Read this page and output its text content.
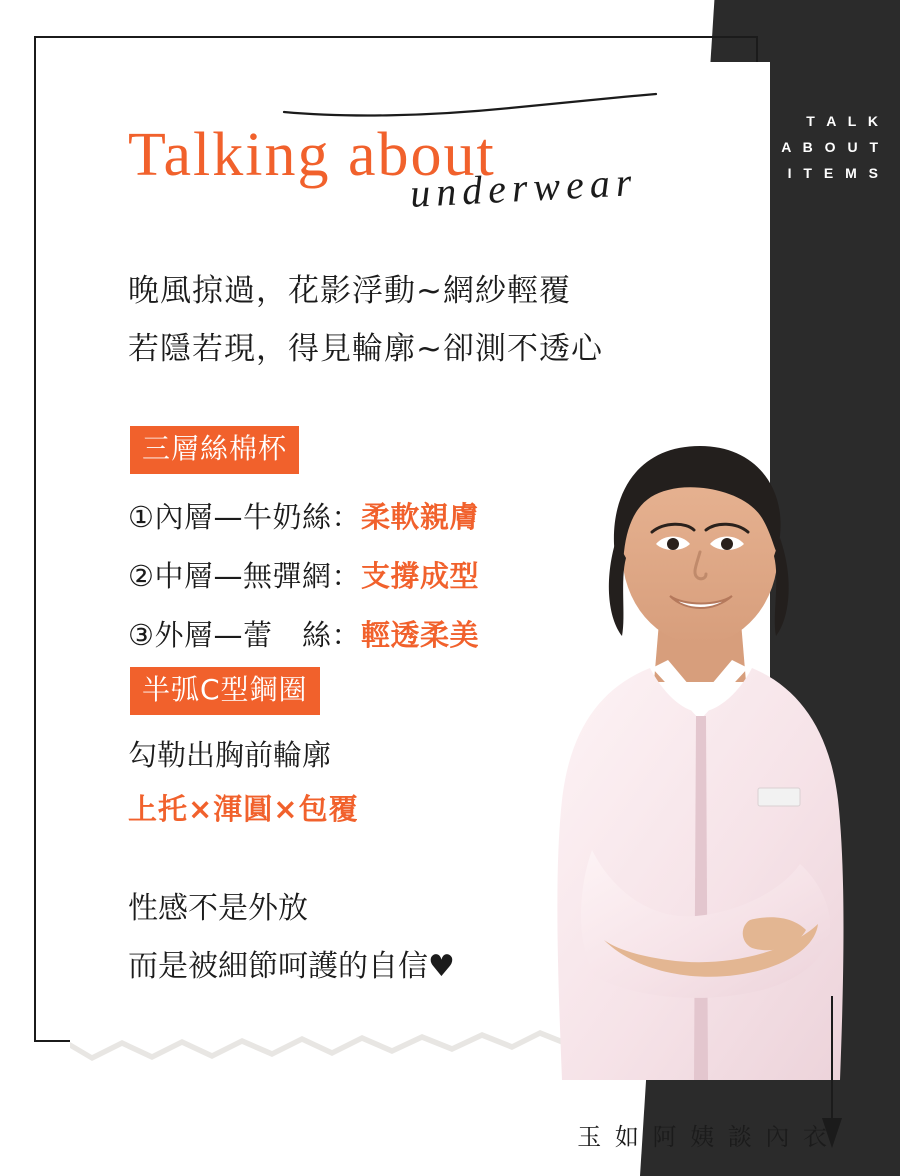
T A L K
A B O U T
I T E M S
Talking about
underwear
晚風掠過，花影浮動~網紗輕覆
若隱若現，得見輪廓~卻測不透心
三層絲棉杯
①內層—牛奶絲：柔軟親膚
②中層—無彈網：支撐成型
③外層—蕾　絲：輕透柔美
半弧C型鋼圈
勾勒出胸前輪廓
上托×渾圓×包覆
性感不是外放
而是被細節呵護的自信♥
玉 如 阿 姨 談 內 衣
